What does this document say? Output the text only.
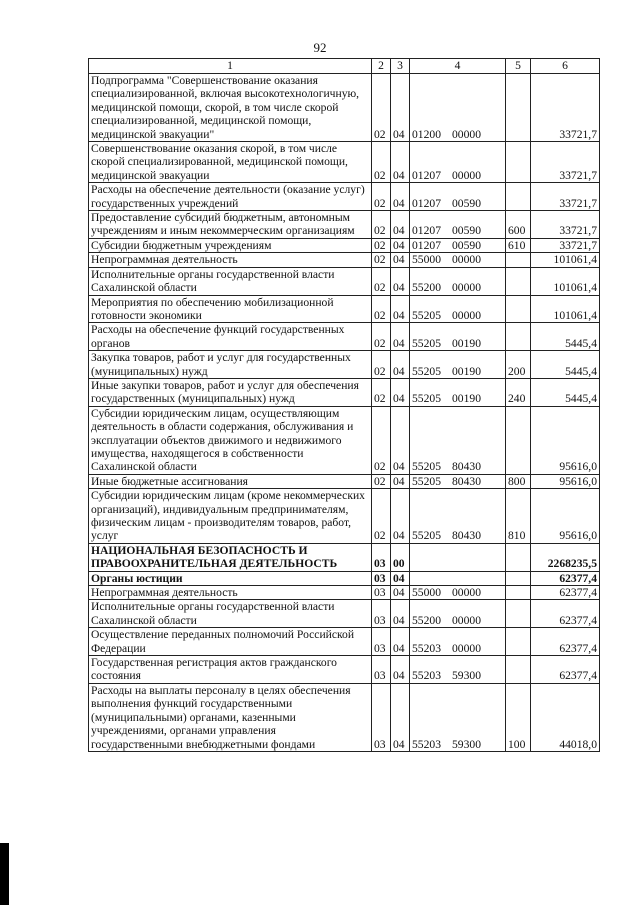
92
1	2	3	4	5	6
Подпрограмма "Совершенствование оказания специализированной, включая высокотехнологичную, медицинской помощи, скорой, в том числе скорой специализированной, медицинской помощи, медицинской эвакуации"	02	04	01200 00000		33721,7
Совершенствование оказания скорой, в том числе скорой специализированной, медицинской помощи, медицинской эвакуации	02	04	01207 00000		33721,7
Расходы на обеспечение деятельности (оказание услуг) государственных учреждений	02	04	01207 00590		33721,7
Предоставление субсидий бюджетным, автономным учреждениям и иным некоммерческим организациям	02	04	01207 00590	600	33721,7
Субсидии бюджетным учреждениям	02	04	01207 00590	610	33721,7
Непрограммная деятельность	02	04	55000 00000		101061,4
Исполнительные органы государственной власти Сахалинской области	02	04	55200 00000		101061,4
Мероприятия по обеспечению мобилизационной готовности экономики	02	04	55205 00000		101061,4
Расходы на обеспечение функций государственных органов	02	04	55205 00190		5445,4
Закупка товаров, работ и услуг для государственных (муниципальных) нужд	02	04	55205 00190	200	5445,4
Иные закупки товаров, работ и услуг для обеспечения государственных (муниципальных) нужд	02	04	55205 00190	240	5445,4
Субсидии юридическим лицам, осуществляющим деятельность в области содержания, обслуживания и эксплуатации объектов движимого и недвижимого имущества, находящегося в собственности Сахалинской области	02	04	55205 80430		95616,0
Иные бюджетные ассигнования	02	04	55205 80430	800	95616,0
Субсидии юридическим лицам (кроме некоммерческих организаций), индивидуальным предпринимателям, физическим лицам - производителям товаров, работ, услуг	02	04	55205 80430	810	95616,0
НАЦИОНАЛЬНАЯ БЕЗОПАСНОСТЬ И ПРАВООХРАНИТЕЛЬНАЯ ДЕЯТЕЛЬНОСТЬ	03	00			2268235,5
Органы юстиции	03	04			62377,4
Непрограммная деятельность	03	04	55000 00000		62377,4
Исполнительные органы государственной власти Сахалинской области	03	04	55200 00000		62377,4
Осуществление переданных полномочий Российской Федерации	03	04	55203 00000		62377,4
Государственная регистрация актов гражданского состояния	03	04	55203 59300		62377,4
Расходы на выплаты персоналу в целях обеспечения выполнения функций государственными (муниципальными) органами, казенными учреждениями, органами управления государственными внебюджетными фондами	03	04	55203 59300	100	44018,0
